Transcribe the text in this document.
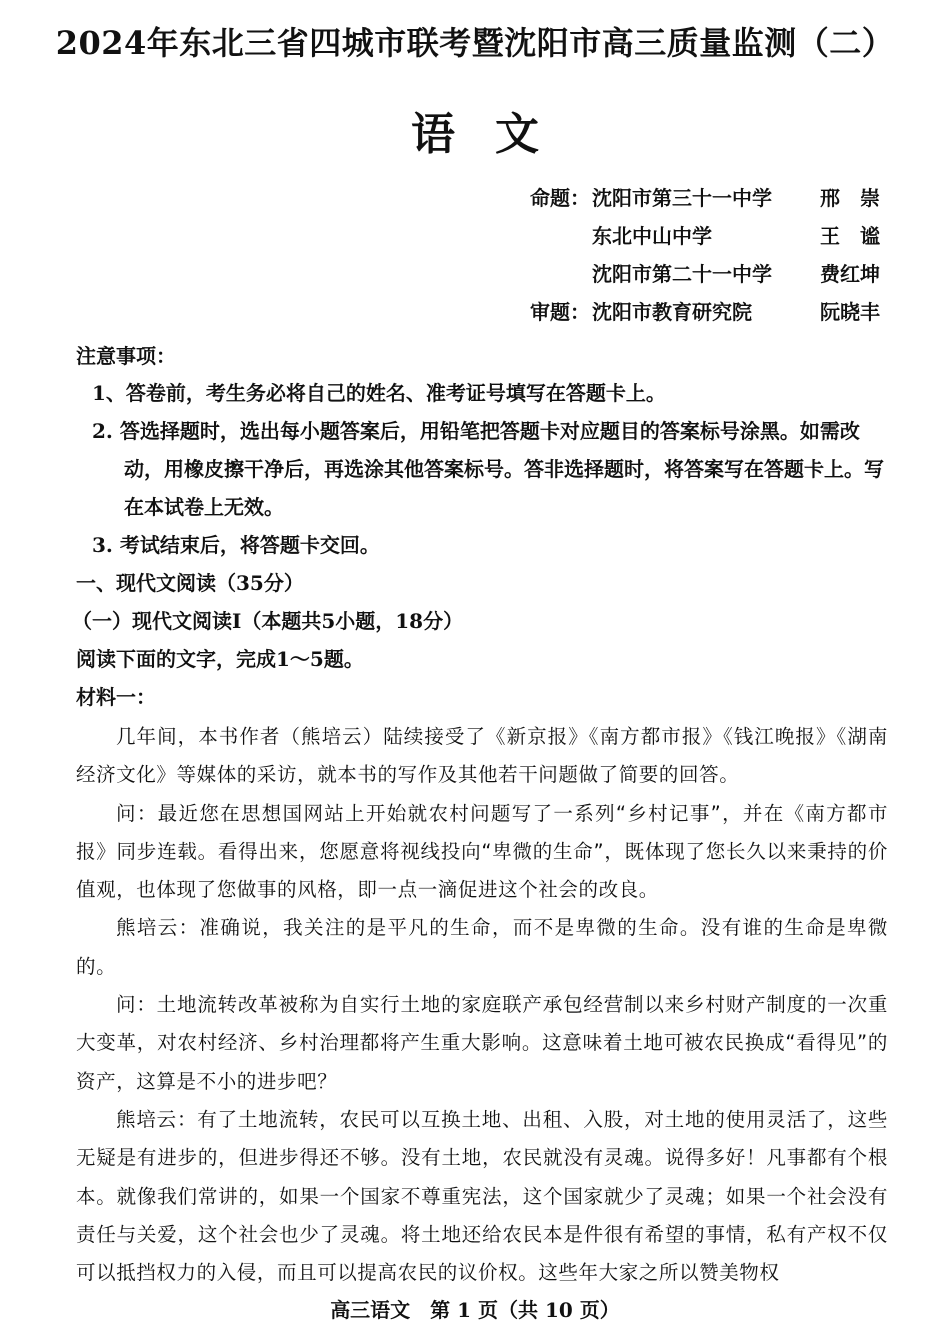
2024年东北三省四城市联考暨沈阳市高三质量监测（二）
语文
命题： 沈阳市第三十一中学 邢　崇
东北中山中学	王　谧
沈阳市第二十一中学 费红坤
审题： 沈阳市教育研究院	阮晓丰
注意事项：
1、答卷前，考生务必将自己的姓名、准考证号填写在答题卡上。
2. 答选择题时，选出每小题答案后，用铅笔把答题卡对应题目的答案标号涂黑。如需改动，用橡皮擦干净后，再选涂其他答案标号。答非选择题时，将答案写在答题卡上。写在本试卷上无效。
3. 考试结束后，将答题卡交回。
一、现代文阅读（35分）
（一）现代文阅读Ⅰ（本题共5小题，18分）
阅读下面的文字，完成1～5题。
材料一：

几年间，本书作者（熊培云）陆续接受了《新京报》《南方都市报》《钱江晚报》《湖南经济文化》等媒体的采访，就本书的写作及其他若干问题做了简要的回答。

问：最近您在思想国网站上开始就农村问题写了一系列“乡村记事”，并在《南方都市报》同步连载。看得出来，您愿意将视线投向“卑微的生命”，既体现了您长久以来秉持的价值观，也体现了您做事的风格，即一点一滴促进这个社会的改良。

熊培云：准确说，我关注的是平凡的生命，而不是卑微的生命。没有谁的生命是卑微的。

问：土地流转改革被称为自实行土地的家庭联产承包经营制以来乡村财产制度的一次重大变革，对农村经济、乡村治理都将产生重大影响。这意味着土地可被农民换成“看得见”的资产，这算是不小的进步吧？

熊培云：有了土地流转，农民可以互换土地、出租、入股，对土地的使用灵活了，这些无疑是有进步的，但进步得还不够。没有土地，农民就没有灵魂。说得多好！凡事都有个根本。就像我们常讲的，如果一个国家不尊重宪法，这个国家就少了灵魂；如果一个社会没有责任与关爱，这个社会也少了灵魂。将土地还给农民本是件很有希望的事情，私有产权不仅可以抵挡权力的入侵，而且可以提高农民的议价权。这些年大家之所以赞美物权

高三语文　第 1 页（共 10 页）
